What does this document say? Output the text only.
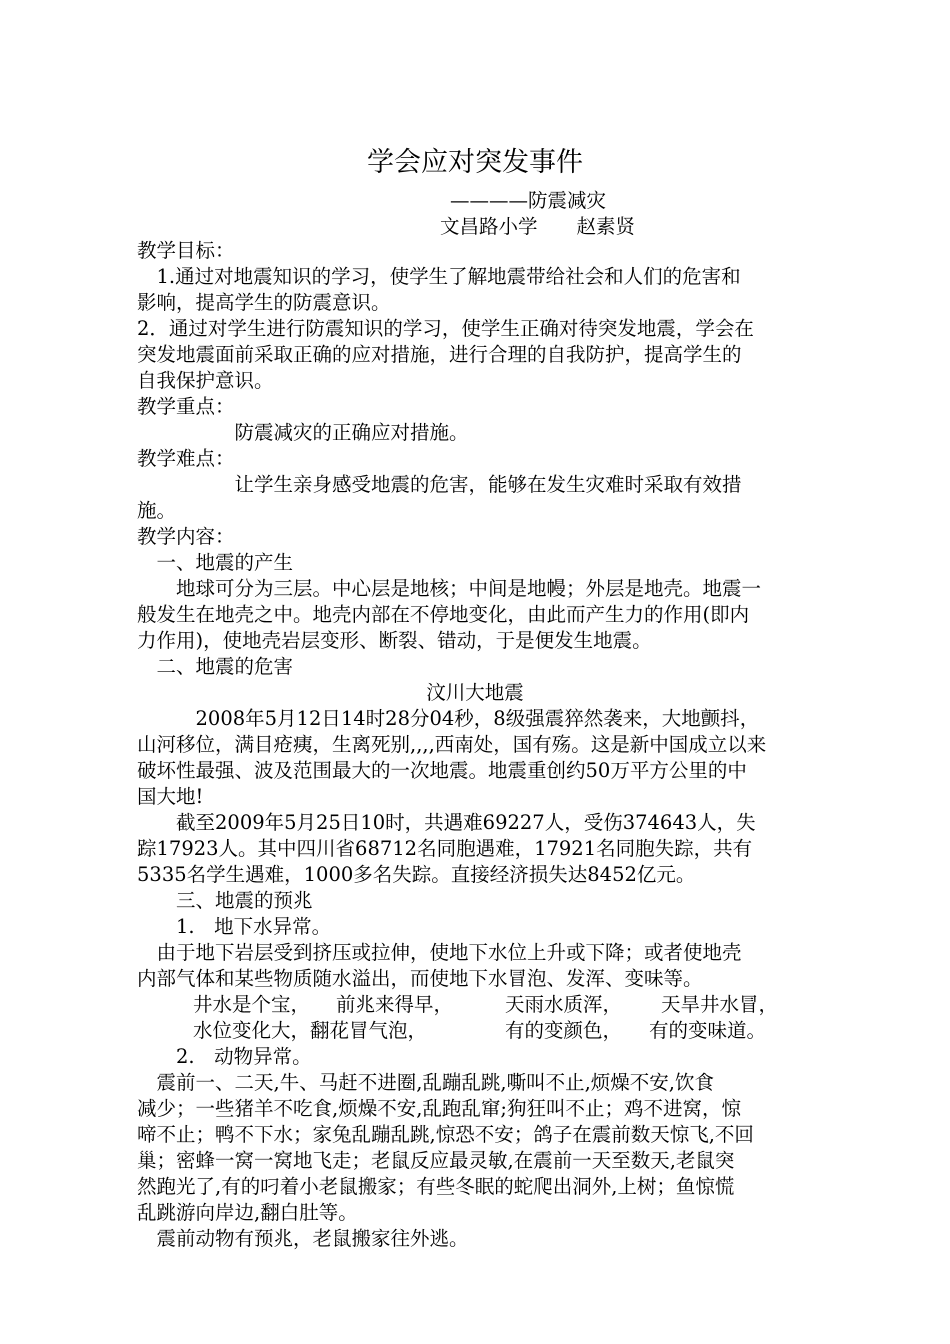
学会应对突发事件
————防震减灾
文昌路小学　　赵素贤
教学目标：
　1.通过对地震知识的学习，使学生了解地震带给社会和人们的危害和
影响，提高学生的防震意识。
2．通过对学生进行防震知识的学习，使学生正确对待突发地震，学会在
突发地震面前采取正确的应对措施，进行合理的自我防护，提高学生的
自我保护意识。
教学重点：
　　　　　防震减灾的正确应对措施。
教学难点：
　　　　　让学生亲身感受地震的危害，能够在发生灾难时采取有效措
施。
教学内容：
　一、地震的产生
　　地球可分为三层。中心层是地核；中间是地幔；外层是地壳。地震一
般发生在地壳之中。地壳内部在不停地变化，由此而产生力的作用(即内
力作用)，使地壳岩层变形、断裂、错动，于是便发生地震。
　二、地震的危害
汶川大地震
　　　2008年5月12日14时28分04秒，8级强震猝然袭来，大地颤抖，
山河移位，满目疮痍，生离死别,,,,西南处，国有殇。这是新中国成立以来
破坏性最强、波及范围最大的一次地震。地震重创约50万平方公里的中
国大地!
　　截至2009年5月25日10时，共遇难69227人，受伤374643人，失
踪17923人。其中四川省68712名同胞遇难，17921名同胞失踪，共有
5335名学生遇难，1000多名失踪。直接经济损失达8452亿元。
　　三、地震的预兆
　　1.　地下水异常。
　由于地下岩层受到挤压或拉伸，使地下水位上升或下降；或者使地壳
内部气体和某些物质随水溢出，而使地下水冒泡、发浑、变味等。
井水是个宝， 前兆来得早，	天雨水质浑， 天旱井水冒，
水位变化大， 翻花冒气泡，	有的变颜色， 有的变味道。
　　2.　动物异常。
　震前一、二天,牛、马赶不进圈,乱蹦乱跳,嘶叫不止,烦燥不安,饮食
减少；一些猪羊不吃食,烦燥不安,乱跑乱窜;狗狂叫不止；鸡不进窝，惊
啼不止；鸭不下水；家兔乱蹦乱跳,惊恐不安；鸽子在震前数天惊飞,不回
巢；密蜂一窝一窝地飞走；老鼠反应最灵敏,在震前一天至数天,老鼠突
然跑光了,有的叼着小老鼠搬家；有些冬眠的蛇爬出洞外,上树；鱼惊慌
乱跳游向岸边,翻白肚等。
　震前动物有预兆，老鼠搬家往外逃。
